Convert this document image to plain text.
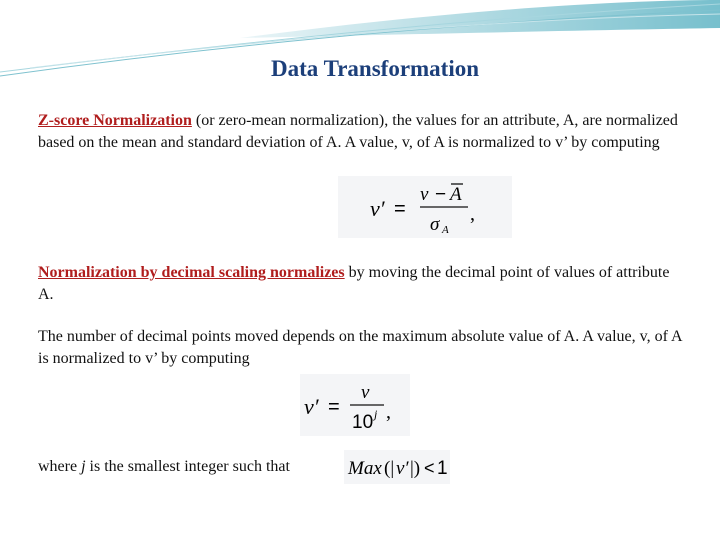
Data Transformation
Z-score Normalization (or zero-mean normalization), the values for an attribute, A, are normalized based on the mean and standard deviation of A. A value, v, of A is normalized to v’ by computing
v′ =
v − A
σ A
,
Normalization by decimal scaling normalizes by moving the decimal point of values of attribute A.
The number of decimal points moved depends on the maximum absolute value of A. A value, v, of A is normalized to v’ by computing
v′ =
v
10 j ,
where j is the smallest integer such that	Max (| v′ |) < 1
